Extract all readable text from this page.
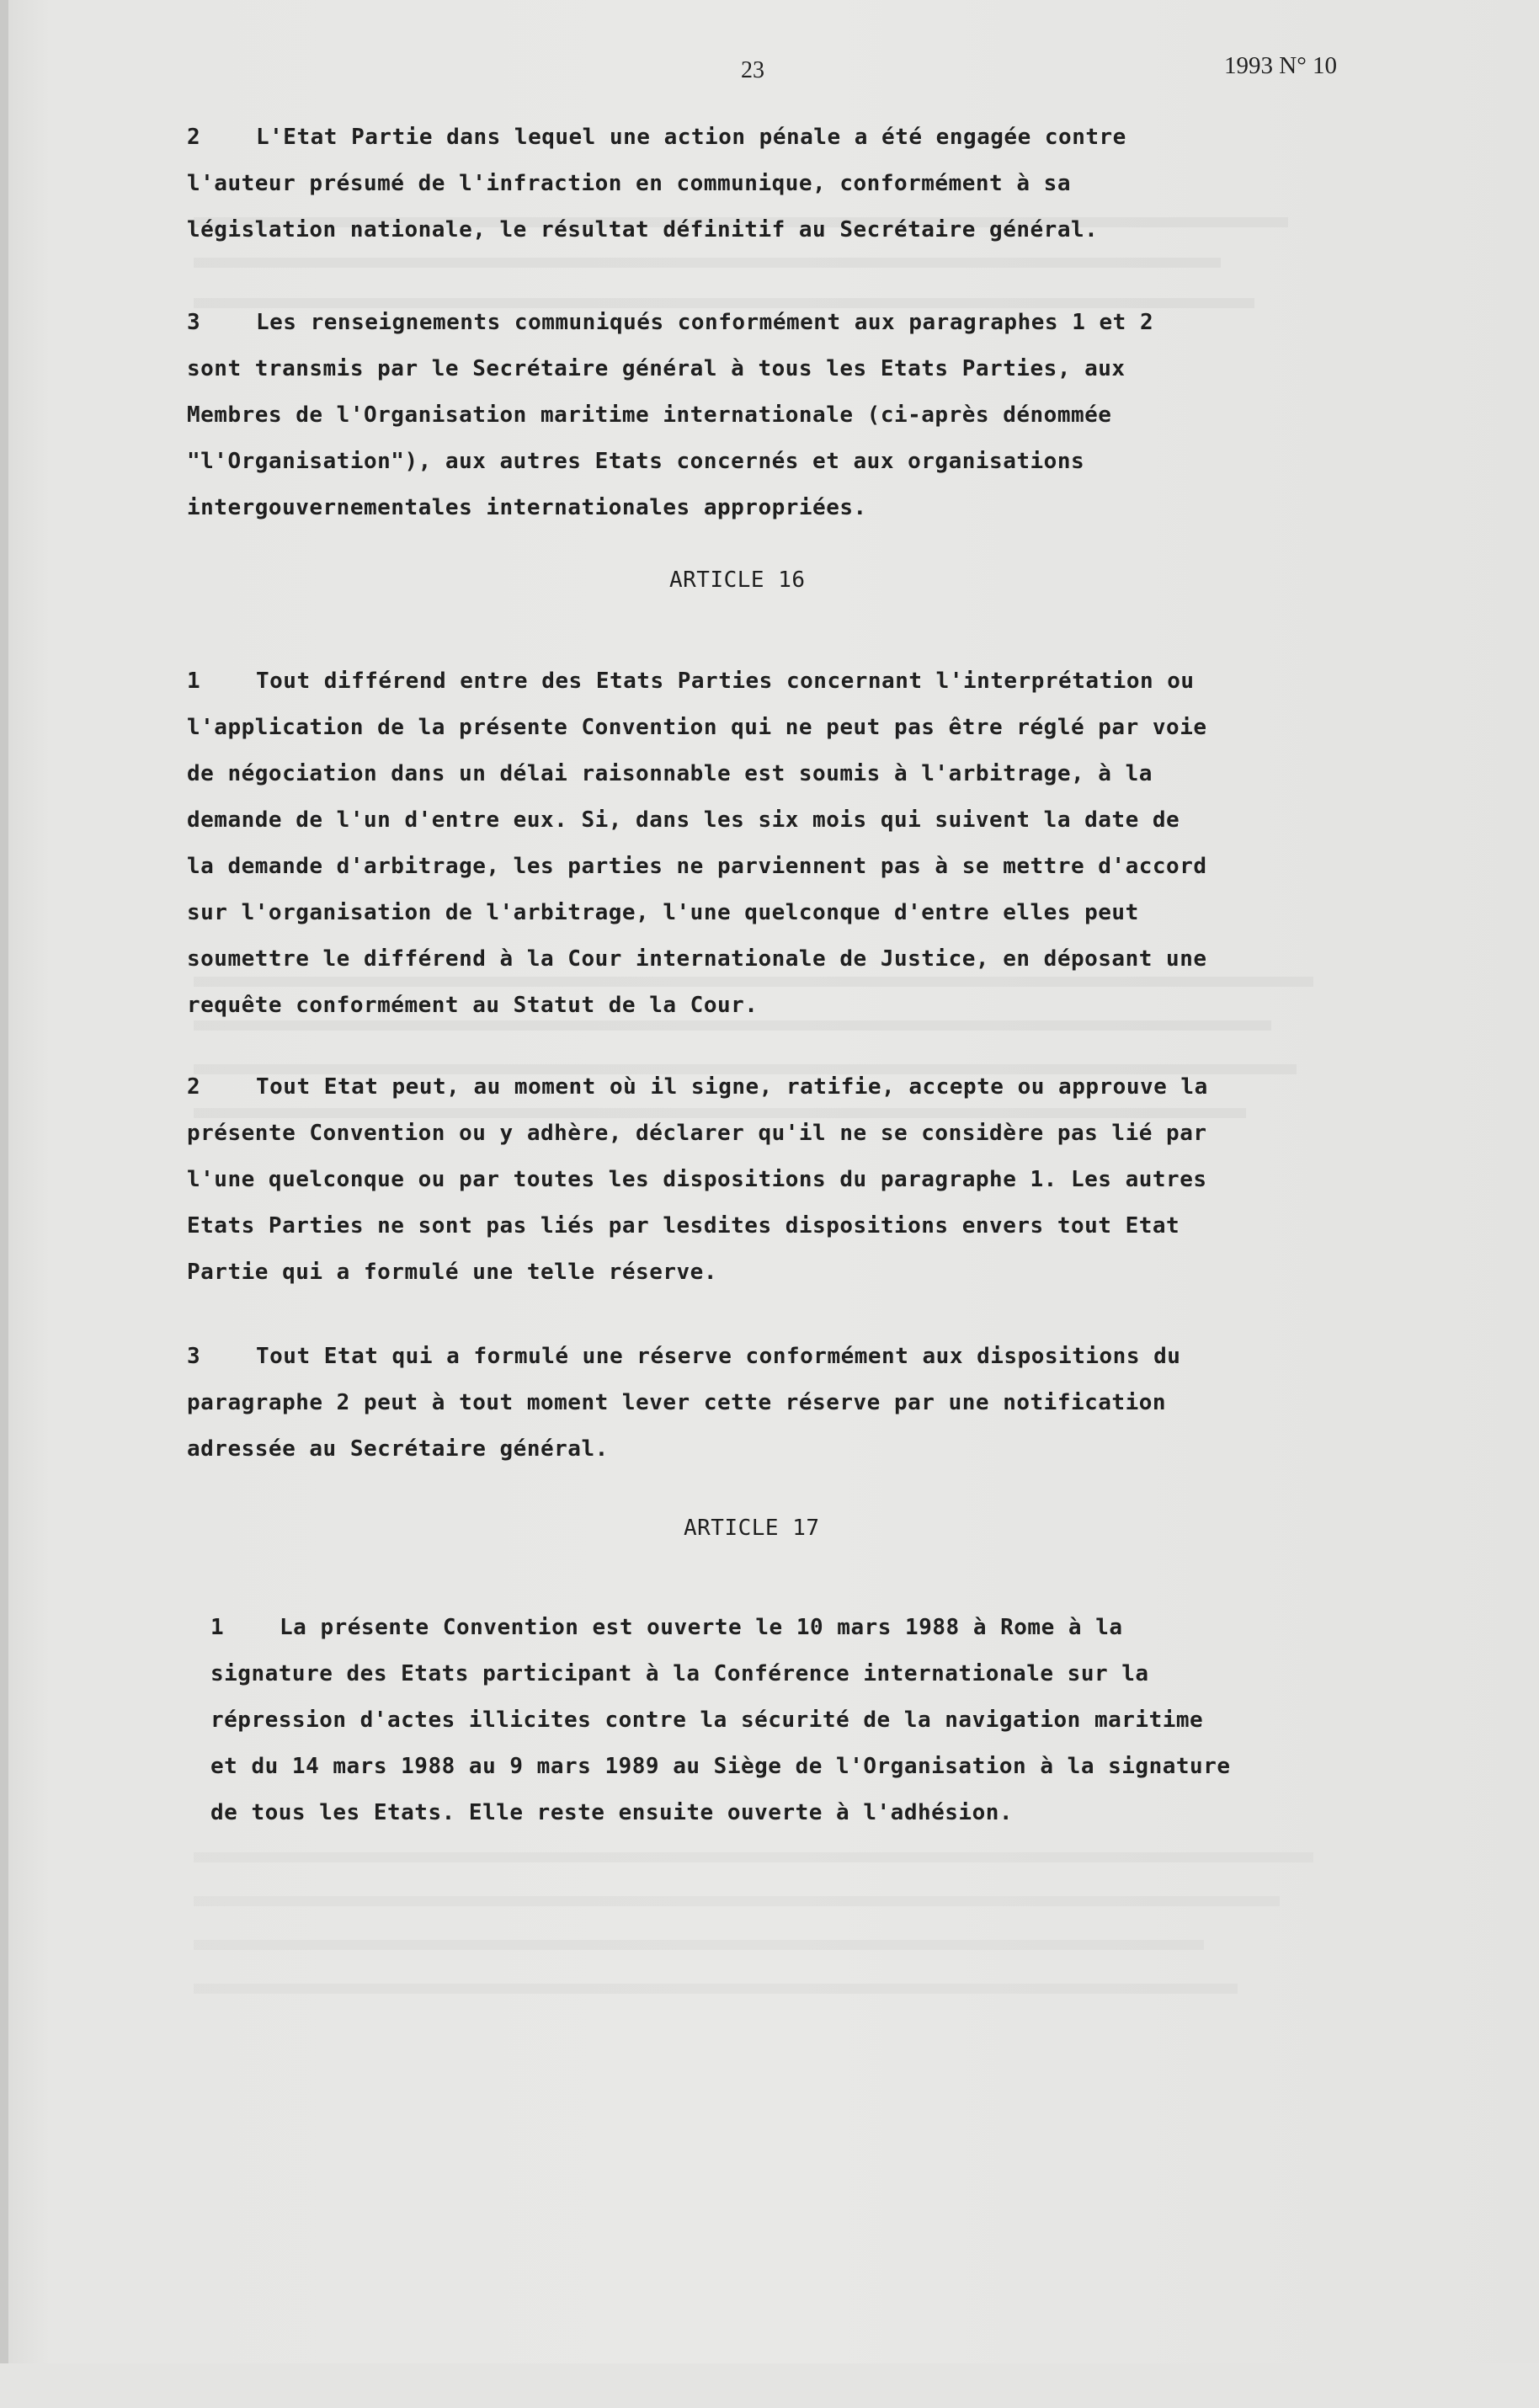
23	1993 N° 10
2	L'Etat Partie dans lequel une action pénale a été engagée contre
l'auteur présumé de l'infraction en communique, conformément à sa
législation nationale, le résultat définitif au Secrétaire général.
3	Les renseignements communiqués conformément aux paragraphes 1 et 2
sont transmis par le Secrétaire général à tous les Etats Parties, aux
Membres de l'Organisation maritime internationale (ci-après dénommée
"l'Organisation"), aux autres Etats concernés et aux organisations
intergouvernementales internationales appropriées.
ARTICLE 16
1	Tout différend entre des Etats Parties concernant l'interprétation ou
l'application de la présente Convention qui ne peut pas être réglé par voie
de négociation dans un délai raisonnable est soumis à l'arbitrage, à la
demande de l'un d'entre eux. Si, dans les six mois qui suivent la date de
la demande d'arbitrage, les parties ne parviennent pas à se mettre d'accord
sur l'organisation de l'arbitrage, l'une quelconque d'entre elles peut
soumettre le différend à la Cour internationale de Justice, en déposant une
requête conformément au Statut de la Cour.
2	Tout Etat peut, au moment où il signe, ratifie, accepte ou approuve la
présente Convention ou y adhère, déclarer qu'il ne se considère pas lié par
l'une quelconque ou par toutes les dispositions du paragraphe 1. Les autres
Etats Parties ne sont pas liés par lesdites dispositions envers tout Etat
Partie qui a formulé une telle réserve.
3	Tout Etat qui a formulé une réserve conformément aux dispositions du
paragraphe 2 peut à tout moment lever cette réserve par une notification
adressée au Secrétaire général.
ARTICLE 17
1	La présente Convention est ouverte le 10 mars 1988 à Rome à la
signature des Etats participant à la Conférence internationale sur la
répression d'actes illicites contre la sécurité de la navigation maritime
et du 14 mars 1988 au 9 mars 1989 au Siège de l'Organisation à la signature
de tous les Etats. Elle reste ensuite ouverte à l'adhésion.
